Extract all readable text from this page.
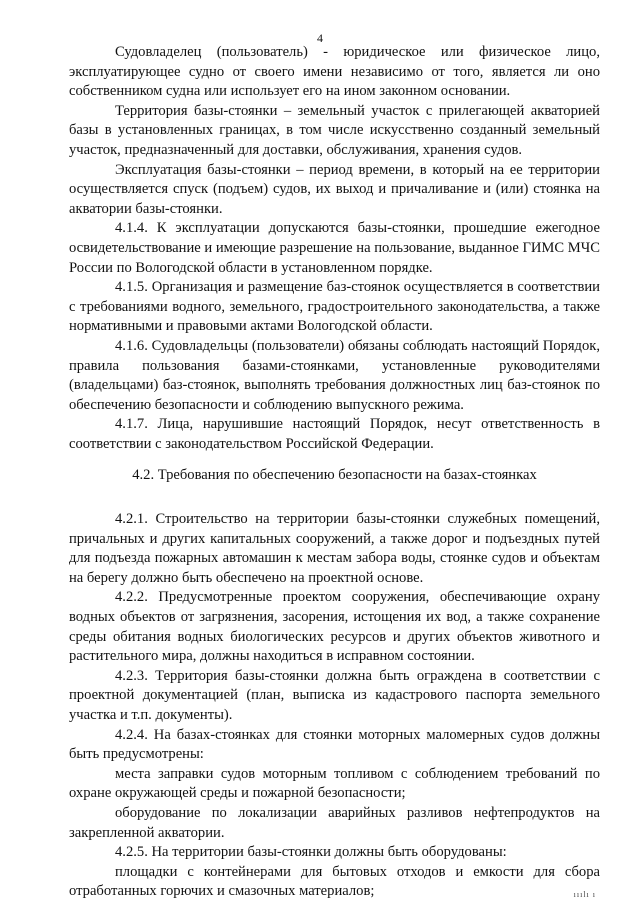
4

Судовладелец (пользователь) - юридическое или физическое лицо, эксплуатирующее судно от своего имени независимо от того, является ли оно собственником судна или использует его на ином законном основании.

Территория базы-стоянки – земельный участок с прилегающей акваторией базы в установленных границах, в том числе искусственно созданный земельный участок, предназначенный для доставки, обслуживания, хранения судов.

Эксплуатация базы-стоянки – период времени, в который на ее территории осуществляется спуск (подъем) судов, их выход и причаливание и (или) стоянка на акватории базы-стоянки.

4.1.4. К эксплуатации допускаются базы-стоянки, прошедшие ежегодное освидетельствование и имеющие разрешение на пользование, выданное ГИМС МЧС России по Вологодской области в установленном порядке.

4.1.5. Организация и размещение баз-стоянок осуществляется в соответствии с требованиями водного, земельного, градостроительного законодательства, а также нормативными и правовыми актами Вологодской области.

4.1.6. Судовладельцы (пользователи) обязаны соблюдать настоящий Порядок, правила пользования базами-стоянками, установленные руководителями (владельцами) баз-стоянок, выполнять требования должностных лиц баз-стоянок по обеспечению безопасности и соблюдению выпускного режима.

4.1.7. Лица, нарушившие настоящий Порядок, несут ответственность в соответствии с законодательством Российской Федерации.

4.2. Требования по обеспечению безопасности на базах-стоянках

4.2.1. Строительство на территории базы-стоянки служебных помещений, причальных и других капитальных сооружений, а также дорог и подъездных путей для подъезда пожарных автомашин к местам забора воды, стоянке судов и объектам на берегу должно быть обеспечено на проектной основе.

4.2.2. Предусмотренные проектом сооружения, обеспечивающие охрану водных объектов от загрязнения, засорения, истощения их вод, а также сохранение среды обитания водных биологических ресурсов и других объектов животного и растительного мира, должны находиться в исправном состоянии.

4.2.3. Территория базы-стоянки должна быть ограждена в соответствии с проектной документацией (план, выписка из кадастрового паспорта земельного участка и т.п. документы).

4.2.4. На базах-стоянках для стоянки моторных маломерных судов должны быть предусмотрены:

места заправки судов моторным топливом с соблюдением требований по охране окружающей среды и пожарной безопасности;

оборудование по локализации аварийных разливов нефтепродуктов на закрепленной акватории.

4.2.5. На территории базы-стоянки должны быть оборудованы:

площадки с контейнерами для бытовых отходов и емкости для сбора отработанных горючих и смазочных материалов;	ııılı ı
